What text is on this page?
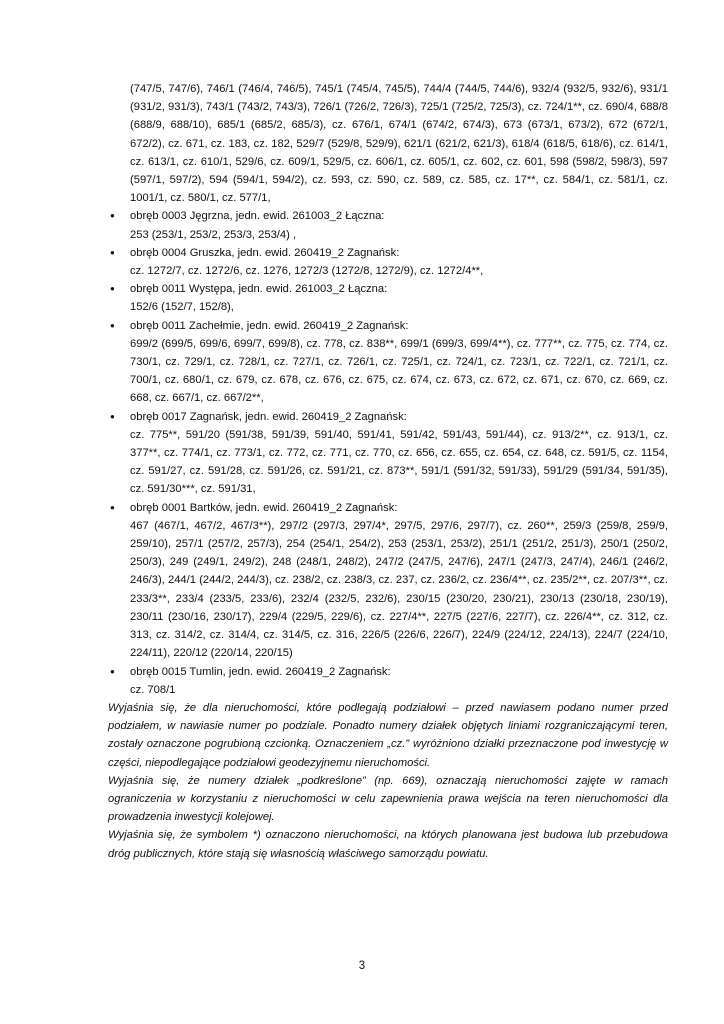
(747/5, 747/6), 746/1 (746/4, 746/5), 745/1 (745/4, 745/5), 744/4 (744/5, 744/6), 932/4 (932/5, 932/6), 931/1 (931/2, 931/3), 743/1 (743/2, 743/3), 726/1 (726/2, 726/3), 725/1 (725/2, 725/3), cz. 724/1**, cz. 690/4, 688/8 (688/9, 688/10), 685/1 (685/2, 685/3), cz. 676/1, 674/1 (674/2, 674/3), 673 (673/1, 673/2), 672 (672/1, 672/2), cz. 671, cz. 183, cz. 182, 529/7 (529/8, 529/9), 621/1 (621/2, 621/3), 618/4 (618/5, 618/6), cz. 614/1, cz. 613/1, cz. 610/1, 529/6, cz. 609/1, 529/5, cz. 606/1, cz. 605/1, cz. 602, cz. 601, 598 (598/2, 598/3), 597 (597/1, 597/2), 594 (594/1, 594/2), cz. 593, cz. 590, cz. 589, cz. 585, cz. 17**, cz. 584/1, cz. 581/1, cz. 1001/1, cz. 580/1, cz. 577/1,

● obręb 0003 Jęgrzna, jedn. ewid. 261003_2 Łączna:
253 (253/1, 253/2, 253/3, 253/4) ,
● obręb 0004 Gruszka, jedn. ewid. 260419_2 Zagnańsk:
cz. 1272/7, cz. 1272/6, cz. 1276, 1272/3 (1272/8, 1272/9), cz. 1272/4**,
● obręb 0011 Występa, jedn. ewid. 261003_2 Łączna:
152/6 (152/7, 152/8),
● obręb 0011 Zachełmie, jedn. ewid. 260419_2 Zagnańsk:
699/2 (699/5, 699/6, 699/7, 699/8), cz. 778, cz. 838**, 699/1 (699/3, 699/4**), cz. 777**, cz. 775, cz. 774, cz. 730/1, cz. 729/1, cz. 728/1, cz. 727/1, cz. 726/1, cz. 725/1, cz. 724/1, cz. 723/1, cz. 722/1, cz. 721/1, cz. 700/1, cz. 680/1, cz. 679, cz. 678, cz. 676, cz. 675, cz. 674, cz. 673, cz. 672, cz. 671, cz. 670, cz. 669, cz. 668, cz. 667/1, cz. 667/2**,
● obręb 0017 Zagnańsk, jedn. ewid. 260419_2 Zagnańsk:
cz. 775**, 591/20 (591/38, 591/39, 591/40, 591/41, 591/42, 591/43, 591/44), cz. 913/2**, cz. 913/1, cz. 377**, cz. 774/1, cz. 773/1, cz. 772, cz. 771, cz. 770, cz. 656, cz. 655, cz. 654, cz. 648, cz. 591/5, cz. 1154, cz. 591/27, cz. 591/28, cz. 591/26, cz. 591/21, cz. 873**, 591/1 (591/32, 591/33), 591/29 (591/34, 591/35), cz. 591/30***, cz. 591/31,
● obręb 0001 Bartków, jedn. ewid. 260419_2 Zagnańsk:
467 (467/1, 467/2, 467/3**), 297/2 (297/3, 297/4*, 297/5, 297/6, 297/7), cz. 260**, 259/3 (259/8, 259/9, 259/10), 257/1 (257/2, 257/3), 254 (254/1, 254/2), 253 (253/1, 253/2), 251/1 (251/2, 251/3), 250/1 (250/2, 250/3), 249 (249/1, 249/2), 248 (248/1, 248/2), 247/2 (247/5, 247/6), 247/1 (247/3, 247/4), 246/1 (246/2, 246/3), 244/1 (244/2, 244/3), cz. 238/2, cz. 238/3, cz. 237, cz. 236/2, cz. 236/4**, cz. 235/2**, cz. 207/3**, cz. 233/3**, 233/4 (233/5, 233/6), 232/4 (232/5, 232/6), 230/15 (230/20, 230/21), 230/13 (230/18, 230/19), 230/11 (230/16, 230/17), 229/4 (229/5, 229/6), cz. 227/4**, 227/5 (227/6, 227/7), cz. 226/4**, cz. 312, cz. 313, cz. 314/2, cz. 314/4, cz. 314/5, cz. 316, 226/5 (226/6, 226/7), 224/9 (224/12, 224/13), 224/7 (224/10, 224/11), 220/12 (220/14, 220/15)
● obręb 0015 Tumlin, jedn. ewid. 260419_2 Zagnańsk:
cz. 708/1

Wyjaśnia się, że dla nieruchomości, które podlegają podziałowi – przed nawiasem podano numer przed podziałem, w nawiasie numer po podziale. Ponadto numery działek objętych liniami rozgraniczającymi teren, zostały oznaczone pogrubioną czcionką. Oznaczeniem „cz.” wyróżniono działki przeznaczone pod inwestycję w części, niepodlegające podziałowi geodezyjnemu nieruchomości.

Wyjaśnia się, że numery działek „podkreślone” (np. 669), oznaczają nieruchomości zajęte w ramach ograniczenia w korzystaniu z nieruchomości w celu zapewnienia prawa wejścia na teren nieruchomości dla prowadzenia inwestycji kolejowej.

Wyjaśnia się, że symbolem *) oznaczono nieruchomości, na których planowana jest budowa lub przebudowa dróg publicznych, które stają się własnością właściwego samorządu powiatu.

3
